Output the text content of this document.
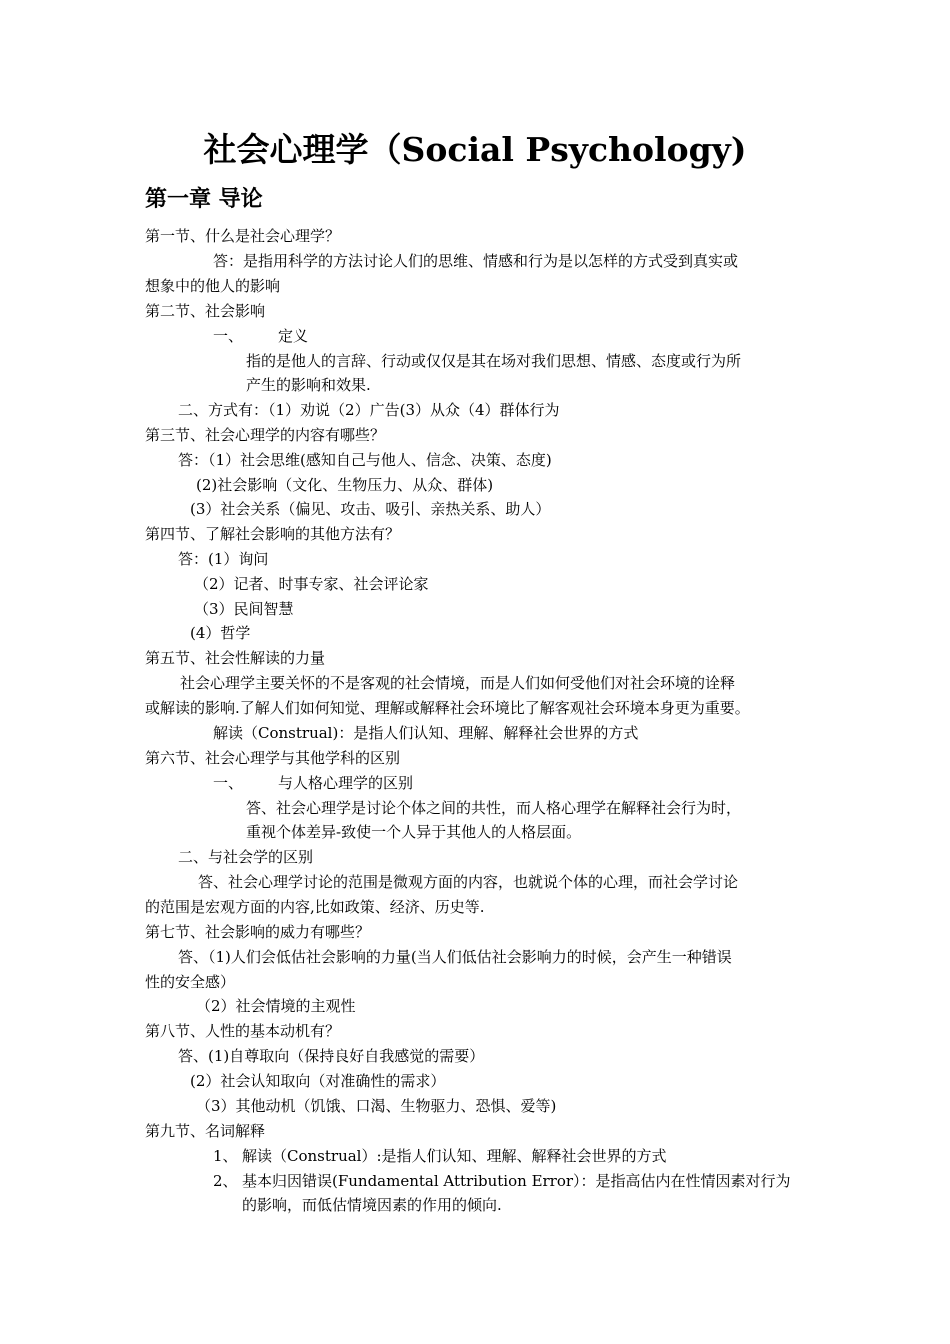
社会心理学（Social Psychology)
第一章 导论
第一节、什么是社会心理学？
答：是指用科学的方法讨论人们的思维、情感和行为是以怎样的方式受到真实或
想象中的他人的影响
第二节、社会影响
一、 定义
指的是他人的言辞、行动或仅仅是其在场对我们思想、情感、态度或行为所
产生的影响和效果.
二、方式有：（1）劝说（2）广告(3）从众（4）群体行为
第三节、社会心理学的内容有哪些？
答：（1）社会思维(感知自己与他人、信念、决策、态度)
(2)社会影响（文化、生物压力、从众、群体)
(3）社会关系（偏见、攻击、吸引、亲热关系、助人）
第四节、了解社会影响的其他方法有？
答：(1）询问
（2）记者、时事专家、社会评论家
（3）民间智慧
(4）哲学
第五节、社会性解读的力量
社会心理学主要关怀的不是客观的社会情境，而是人们如何受他们对社会环境的诠释
或解读的影响.了解人们如何知觉、理解或解释社会环境比了解客观社会环境本身更为重要。
解读（Construal)：是指人们认知、理解、解释社会世界的方式
第六节、社会心理学与其他学科的区别
一、 与人格心理学的区别
答、社会心理学是讨论个体之间的共性，而人格心理学在解释社会行为时，
重视个体差异-致使一个人异于其他人的人格层面。
二、与社会学的区别
答、社会心理学讨论的范围是微观方面的内容，也就说个体的心理，而社会学讨论
的范围是宏观方面的内容,比如政策、经济、历史等.
第七节、社会影响的威力有哪些？
答、（1)人们会低估社会影响的力量(当人们低估社会影响力的时候，会产生一种错误
性的安全感）
（2）社会情境的主观性
第八节、人性的基本动机有？
答、(1)自尊取向（保持良好自我感觉的需要）
(2）社会认知取向（对准确性的需求）
（3）其他动机（饥饿、口渴、生物驱力、恐惧、爱等)
第九节、名词解释
1、 解读（Construal）:是指人们认知、理解、解释社会世界的方式
2、 基本归因错误(Fundamental Attribution Error）：是指高估内在性情因素对行为
的影响，而低估情境因素的作用的倾向.
